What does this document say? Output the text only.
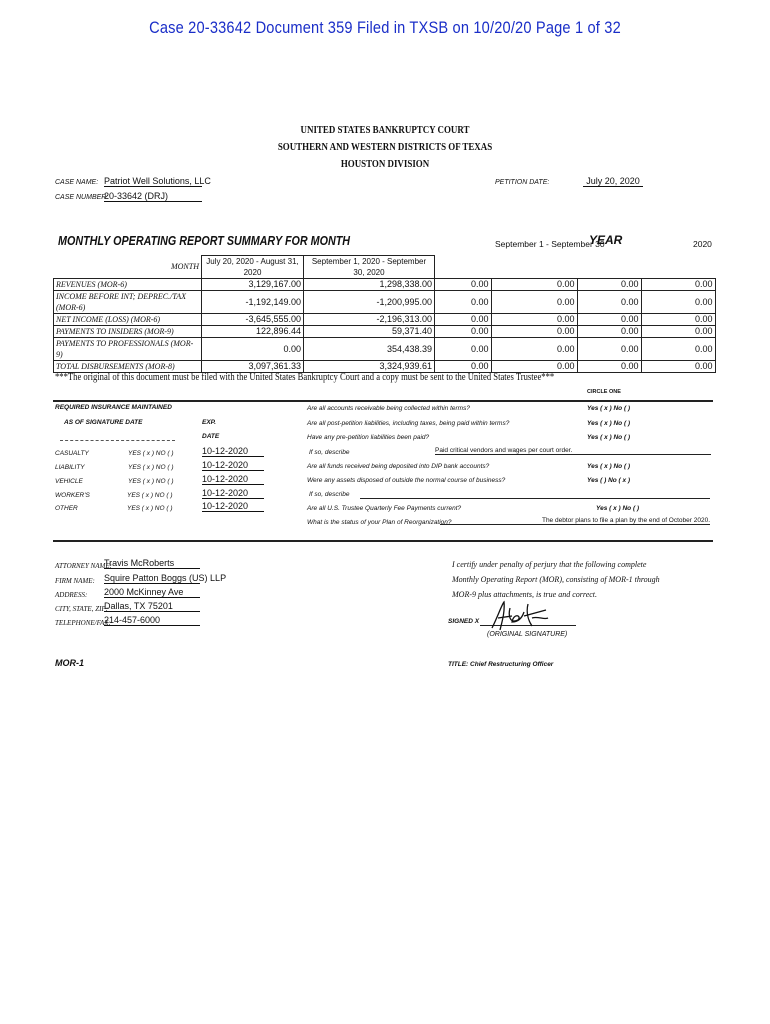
Case 20-33642 Document 359 Filed in TXSB on 10/20/20 Page 1 of 32
UNITED STATES BANKRUPTCY COURT
SOUTHERN AND WESTERN DISTRICTS OF TEXAS
HOUSTON DIVISION
CASE NAME: Patriot Well Solutions, LLC
CASE NUMBER:
20-33642 (DRJ)
PETITION DATE:	July 20, 2020
MONTHLY OPERATING REPORT SUMMARY FOR MONTH	September 1 - September 30
YEAR	2020
MONTH	July 20, 2020 - August 31, 2020	September 1, 2020 - September 30, 2020				
REVENUES (MOR-6)	3,129,167.00	1,298,338.00	0.00	0.00	0.00	0.00
INCOME BEFORE INT; DEPREC./TAX (MOR-6)	-1,192,149.00	-1,200,995.00	0.00	0.00	0.00	0.00
NET INCOME (LOSS) (MOR-6)	-3,645,555.00	-2,196,313.00	0.00	0.00	0.00	0.00
PAYMENTS TO INSIDERS (MOR-9)	122,896.44	59,371.40	0.00	0.00	0.00	0.00
PAYMENTS TO PROFESSIONALS (MOR-9)	0.00	354,438.39	0.00	0.00	0.00	0.00
TOTAL DISBURSEMENTS (MOR-8)	3,097,361.33	3,324,939.61	0.00	0.00	0.00	0.00
***The original of this document must be filed with the United States Bankruptcy Court and a copy must be sent to the United States Trustee***
CIRCLE ONE
REQUIRED INSURANCE MAINTAINED
AS OF SIGNATURE DATE	EXP.
DATE
CASUALTY	YES ( x ) NO ( )	10-12-2020
LIABILITY	YES ( x ) NO ( )	10-12-2020
VEHICLE	YES ( x ) NO ( )	10-12-2020
WORKER'S	YES ( x ) NO ( )	10-12-2020
OTHER	YES ( x ) NO ( )	10-12-2020
Are all accounts receivable being collected within terms?	Yes ( x ) No ( )
Are all post-petition liabilities, including taxes, being paid within terms?	Yes ( x ) No ( )
Have any pre-petition liabilities been paid?	Yes ( x ) No ( )
If so, describe	Paid critical vendors and wages per court order.
Are all funds received being deposited into DIP bank accounts?	Yes ( x ) No ( )
Were any assets disposed of outside the normal course of business?	Yes ( ) No ( x )
If so, describe
Are all U.S. Trustee Quarterly Fee Payments current?	Yes ( x ) No ( )
What is the status of your Plan of Reorganization?	The debtor plans to file a plan by the end of October 2020.
ATTORNEY NAME:
Travis McRoberts
FIRM NAME: Squire Patton Boggs (US) LLP
ADDRESS: 2000 McKinney Ave
CITY, STATE, ZIP:
Dallas, TX 75201
TELEPHONE/FAX:
214-457-6000
I certify under penalty of perjury that the following complete
Monthly Operating Report (MOR), consisting of MOR-1 through
MOR-9 plus attachments, is true and correct.
SIGNED X
(ORIGINAL SIGNATURE)
TITLE: Chief Restructuring Officer
MOR-1
